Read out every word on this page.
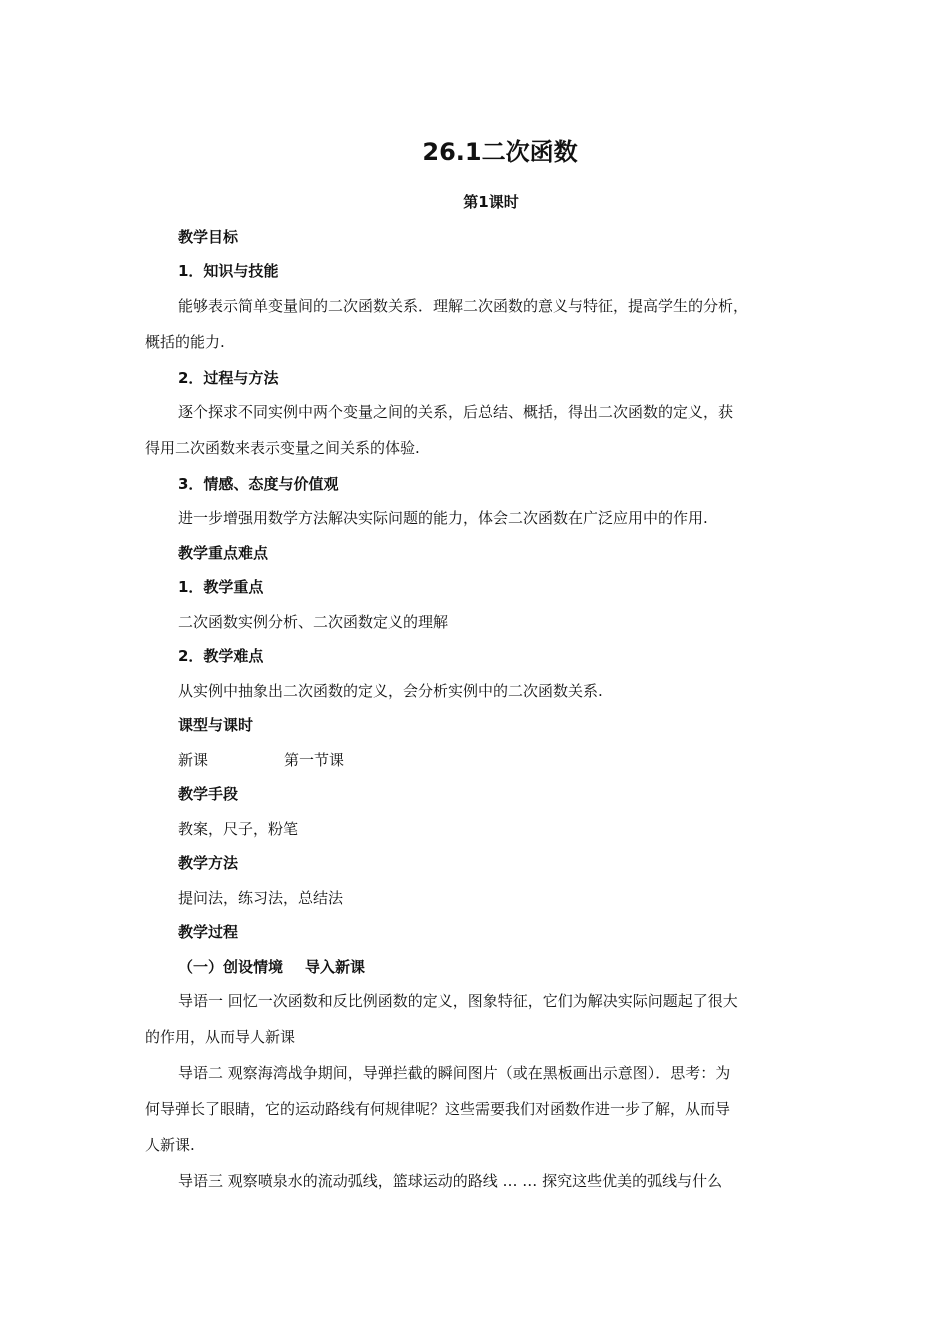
26.1二次函数
第1课时
教学目标
1．知识与技能
能够表示简单变量间的二次函数关系．理解二次函数的意义与特征，提高学生的分析，
概括的能力.
2．过程与方法
逐个探求不同实例中两个变量之间的关系，后总结、概括，得出二次函数的定义，获
得用二次函数来表示变量之间关系的体验.
3．情感、态度与价值观
进一步增强用数学方法解决实际问题的能力，体会二次函数在广泛应用中的作用.
教学重点难点
1．教学重点
二次函数实例分析、二次函数定义的理解
2．教学难点
从实例中抽象出二次函数的定义，会分析实例中的二次函数关系.
课型与课时
新课	第一节课
教学手段
教案，尺子，粉笔
教学方法
提问法，练习法，总结法
教学过程
（一）创设情境 导入新课
导语一 回忆一次函数和反比例函数的定义，图象特征，它们为解决实际问题起了很大
的作用，从而导人新课
导语二 观察海湾战争期间，导弹拦截的瞬间图片（或在黑板画出示意图）．思考：为
何导弹长了眼睛，它的运动路线有何规律呢？这些需要我们对函数作进一步了解，从而导
人新课.
导语三 观察喷泉水的流动弧线，篮球运动的路线 … … 探究这些优美的弧线与什么
